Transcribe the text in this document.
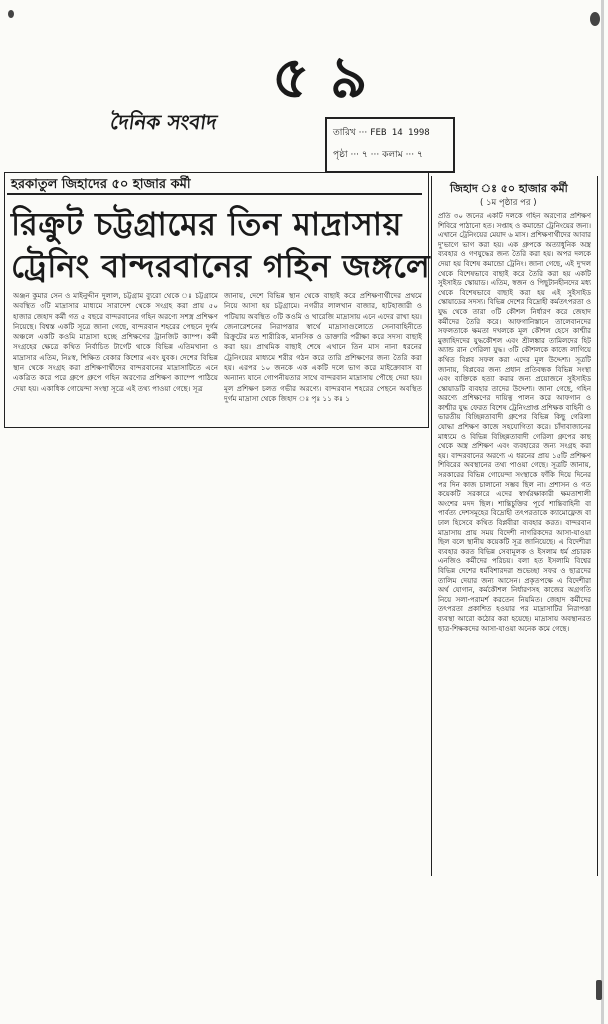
৫ ৯
দৈনিক সংবাদ	তারিখ ··· FEB 14 1998
পৃষ্ঠা ··· ৭ ··· কলাম ··· ৭
হরকাতুল জিহাদের ৫০ হাজার কর্মী
রিক্রুট চট্টগ্রামের তিন মাদ্রাসায়
ট্রেনিং বান্দরবানের গহিন জঙ্গলে
অঞ্জন কুমার সেন ও মাইনুদ্দীন দুলাল, চট্টগ্রাম ব্যুরো থেকে ঃ চট্টগ্রামে অবস্থিত ৩টি মাদ্রাসার মাধ্যমে সারাদেশ থেকে সংগ্রহ করা প্রায় ৫০ হাজার জেহাদ কর্মী গত ৫ বছরে বান্দরবানের গহিন অরণ্যে সশস্ত্র প্রশিক্ষণ নিয়েছে। বিশ্বস্ত একটি সূত্রে জানা গেছে, বান্দরবান শহরের পেছনে দুর্গম অঞ্চলে একটি কওমি মাদ্রাসা হচ্ছে প্রশিক্ষণের ট্রানজিট ক্যাম্প। কর্মী সংগ্রহের ক্ষেত্রে কথিত নির্বাচিত টার্গেট থাকে বিভিন্ন এতিমখানা ও মাদ্রাসার এতিম, নিঃস্ব, শিক্ষিত বেকার কিশোর এবং যুবক। দেশের বিভিন্ন স্থান থেকে সংগ্রহ করা প্রশিক্ষণার্থীদের বান্দরবানের মাদ্রাসাটিতে এনে একত্রিত করে পরে গ্রুপে গ্রুপে গহিন অরণ্যের প্রশিক্ষণ ক্যাম্পে পাঠিয়ে দেয়া হয়। একাধিক গোয়েন্দা সংস্থা সূত্রে এই তথ্য পাওয়া গেছে। সূত্র
জানায়, দেশে বিভিন্ন স্থান থেকে বাছাই করে প্রশিক্ষণার্থীদের প্রথমে নিয়ে আসা হয় চট্টগ্রামে। নগরীর লালখান বাজার, হাটহাজারী ও পটিয়ায় অবস্থিত ৩টি কওমি ও খারেজি মাদ্রাসায় এনে এদের রাখা হয়। জেনারেশনের নিরাপত্তার স্বার্থে মাদ্রাসাগুলোতে সেনাবাহিনীতে রিক্রুটের মত শারীরিক, মানসিক ও ডাক্তারি পরীক্ষা করে সদস্য বাছাই করা হয়। প্রাথমিক বাছাই শেষে এখানে তিন মাস নানা ধরনের ট্রেনিংয়ের মাধ্যমে শরীর গঠন করে তারি প্রশিক্ষণের জন্য তৈরি করা হয়। এরপর ১০ জনকে এক একটি দলে ভাগ করে মাইক্রোবাস বা অন্যান্য যানে গোপনীয়তার সাথে বান্দরবান মাদ্রাসায় পৌছে দেয়া হয়। মূল প্রশিক্ষণ চলত গভীর অরণ্যে। বান্দরবান শহরের পেছনে অবস্থিত দুর্গম মাদ্রাসা থেকে জিহাদ ঃ পৃঃ ১১ কঃ ১
জিহাদ ঃ ৫০ হাজার কর্মী
( ১ম পৃষ্ঠার পর )
প্রতি ৩০ জনের একটি দলকে গহিন অরণ্যের প্রশিক্ষণ শিবিরে পাঠানো হত। সপ্তাহ ও কমান্ডো ট্রেনিংয়ের জন্য। এখানে ট্রেনিংয়ের মেয়াদ ৬ মাস। প্রশিক্ষণার্থীদের আবার দু'ভাগে ভাগ করা হয়। এক গ্রুপকে অত্যাধুনিক অস্ত্র ব্যবহার ও গণযুদ্ধের জন্য তৈরি করা হয়। অপর দলকে দেয়া হয় বিশেষ কমান্ডো ট্রেনিং। জানা গেছে, এই দু'দল থেকে বিশেষভাবে বাছাই করে তৈরি করা হয় একটি সুইসাইড স্কোয়াড। এতিম, স্বজন ও পিছুটানহীনদের মধ্য থেকে বিশেষভাবে বাছাই করা হয় এই সুইসাইড স্কোয়াডের সদস্য। বিভিন্ন দেশের বিদ্রোহী কর্মতৎপরতা ও যুদ্ধ থেকে তারা ৩টি কৌশল নির্ধারণ করে জেহাদ কর্মীদের তৈরি করে। আফগানিস্তানে তালেবানদের সফলতাকে ক্ষমতা দখলকে মূল কৌশল হেসে কাশ্মীর মুজাহিদদের যুদ্ধকৌশল এবং শ্রীলঙ্কার তামিলদের হিট অ্যান্ড রান গেরিলা যুদ্ধ। ৩টি কৌশলকে কাজে লাগিয়ে কথিত বিপ্লব সফল করা এদের মূল উদ্দেশ্য। সূত্রটি জানায়, বিপ্লবের জন্য প্রধান প্রতিবন্ধক বিভিন্ন সংস্থা এবং ব্যক্তিকে হত্যা করার জন্য প্রয়োজনে সুইসাইড স্কোয়াডটি ব্যবহার তাদের উদ্দেশ্য। জানা গেছে, গহিন অরণ্যে প্রশিক্ষণের দায়িত্ব পালন করে আফগান ও কাশ্মীর যুদ্ধ ফেরত বিশেষ ট্রেনিংপ্রাপ্ত প্রশিক্ষক বাহিনী ও ভারতীয় বিচ্ছিন্নতাবাদী গ্রুপের বিভিন্ন কিছু গেরিলা যোদ্ধা প্রশিক্ষণ কাজে সহযোগিতা করে। চাঁদাবাজানের মাধ্যমে ও বিভিন্ন বিচ্ছিন্নতাবাদী গেরিলা গ্রুপের কাছ থেকে অস্ত্র প্রশিক্ষণ এবং ব্যবহারের জন্য সংগ্রহ করা হয়। বান্দরবানের অরণ্যে এ ধরনের প্রায় ১৫টি প্রশিক্ষণ শিবিরের অবস্থানের তথ্য পাওয়া গেছে। সূত্রটি জানায়, সরকারের বিভিন্ন গোয়েন্দা সংস্থাকে ফাঁকি দিয়ে দিনের পর দিন কাজ চালানো সম্ভব ছিল না। প্রশাসন ও গত কয়েকটি সরকারে এদের স্বার্থরক্ষাকারী ক্ষমতাশালী অংশের মদদ ছিল। শান্তিচুক্তির পূর্বে শান্তিবাহিনী বা পার্বত্য দেশসমূহের বিদ্রোহী তৎপরতাকে ক্যামোফ্লেজ বা ঢাল হিসেবে কথিত বিপ্লবীরা ব্যবহার করত। বান্দরবান মাদ্রাসায় প্রায় সময় বিদেশী নাগরিকদের আসা-যাওয়া ছিল বলে স্থানীয় কয়েকটি সূত্র জানিয়েছে। এ বিদেশীরা ব্যবহার করত বিভিন্ন সেবামূলক ও ইসলাম ধর্ম প্রচারক এনজিও কর্মীদের পরিচয়। বলা হত ইসলামি বিশ্বের বিভিন্ন দেশের ধর্মবিশারদরা শুভেচ্ছা সফর ও ছাত্রদের তালিম দেয়ার জন্য আসেন। প্রকৃতপক্ষে এ বিদেশীরা অর্থ যোগান, কর্মকৌশল নির্ধারণসহ কাজের অগ্রগতি নিয়ে সলা-পরামর্শ করতেন নিয়মিত। জেহাদ কর্মীদের তৎপরতা প্রকাশিত হওয়ার পর মাদ্রাসাটির নিরাপত্তা ব্যবস্থা আরো কঠোর করা হয়েছে। মাদ্রাসায় অবস্থানরত ছাত্র-শিক্ষকদের আসা-যাওয়া অনেক কমে গেছে।
